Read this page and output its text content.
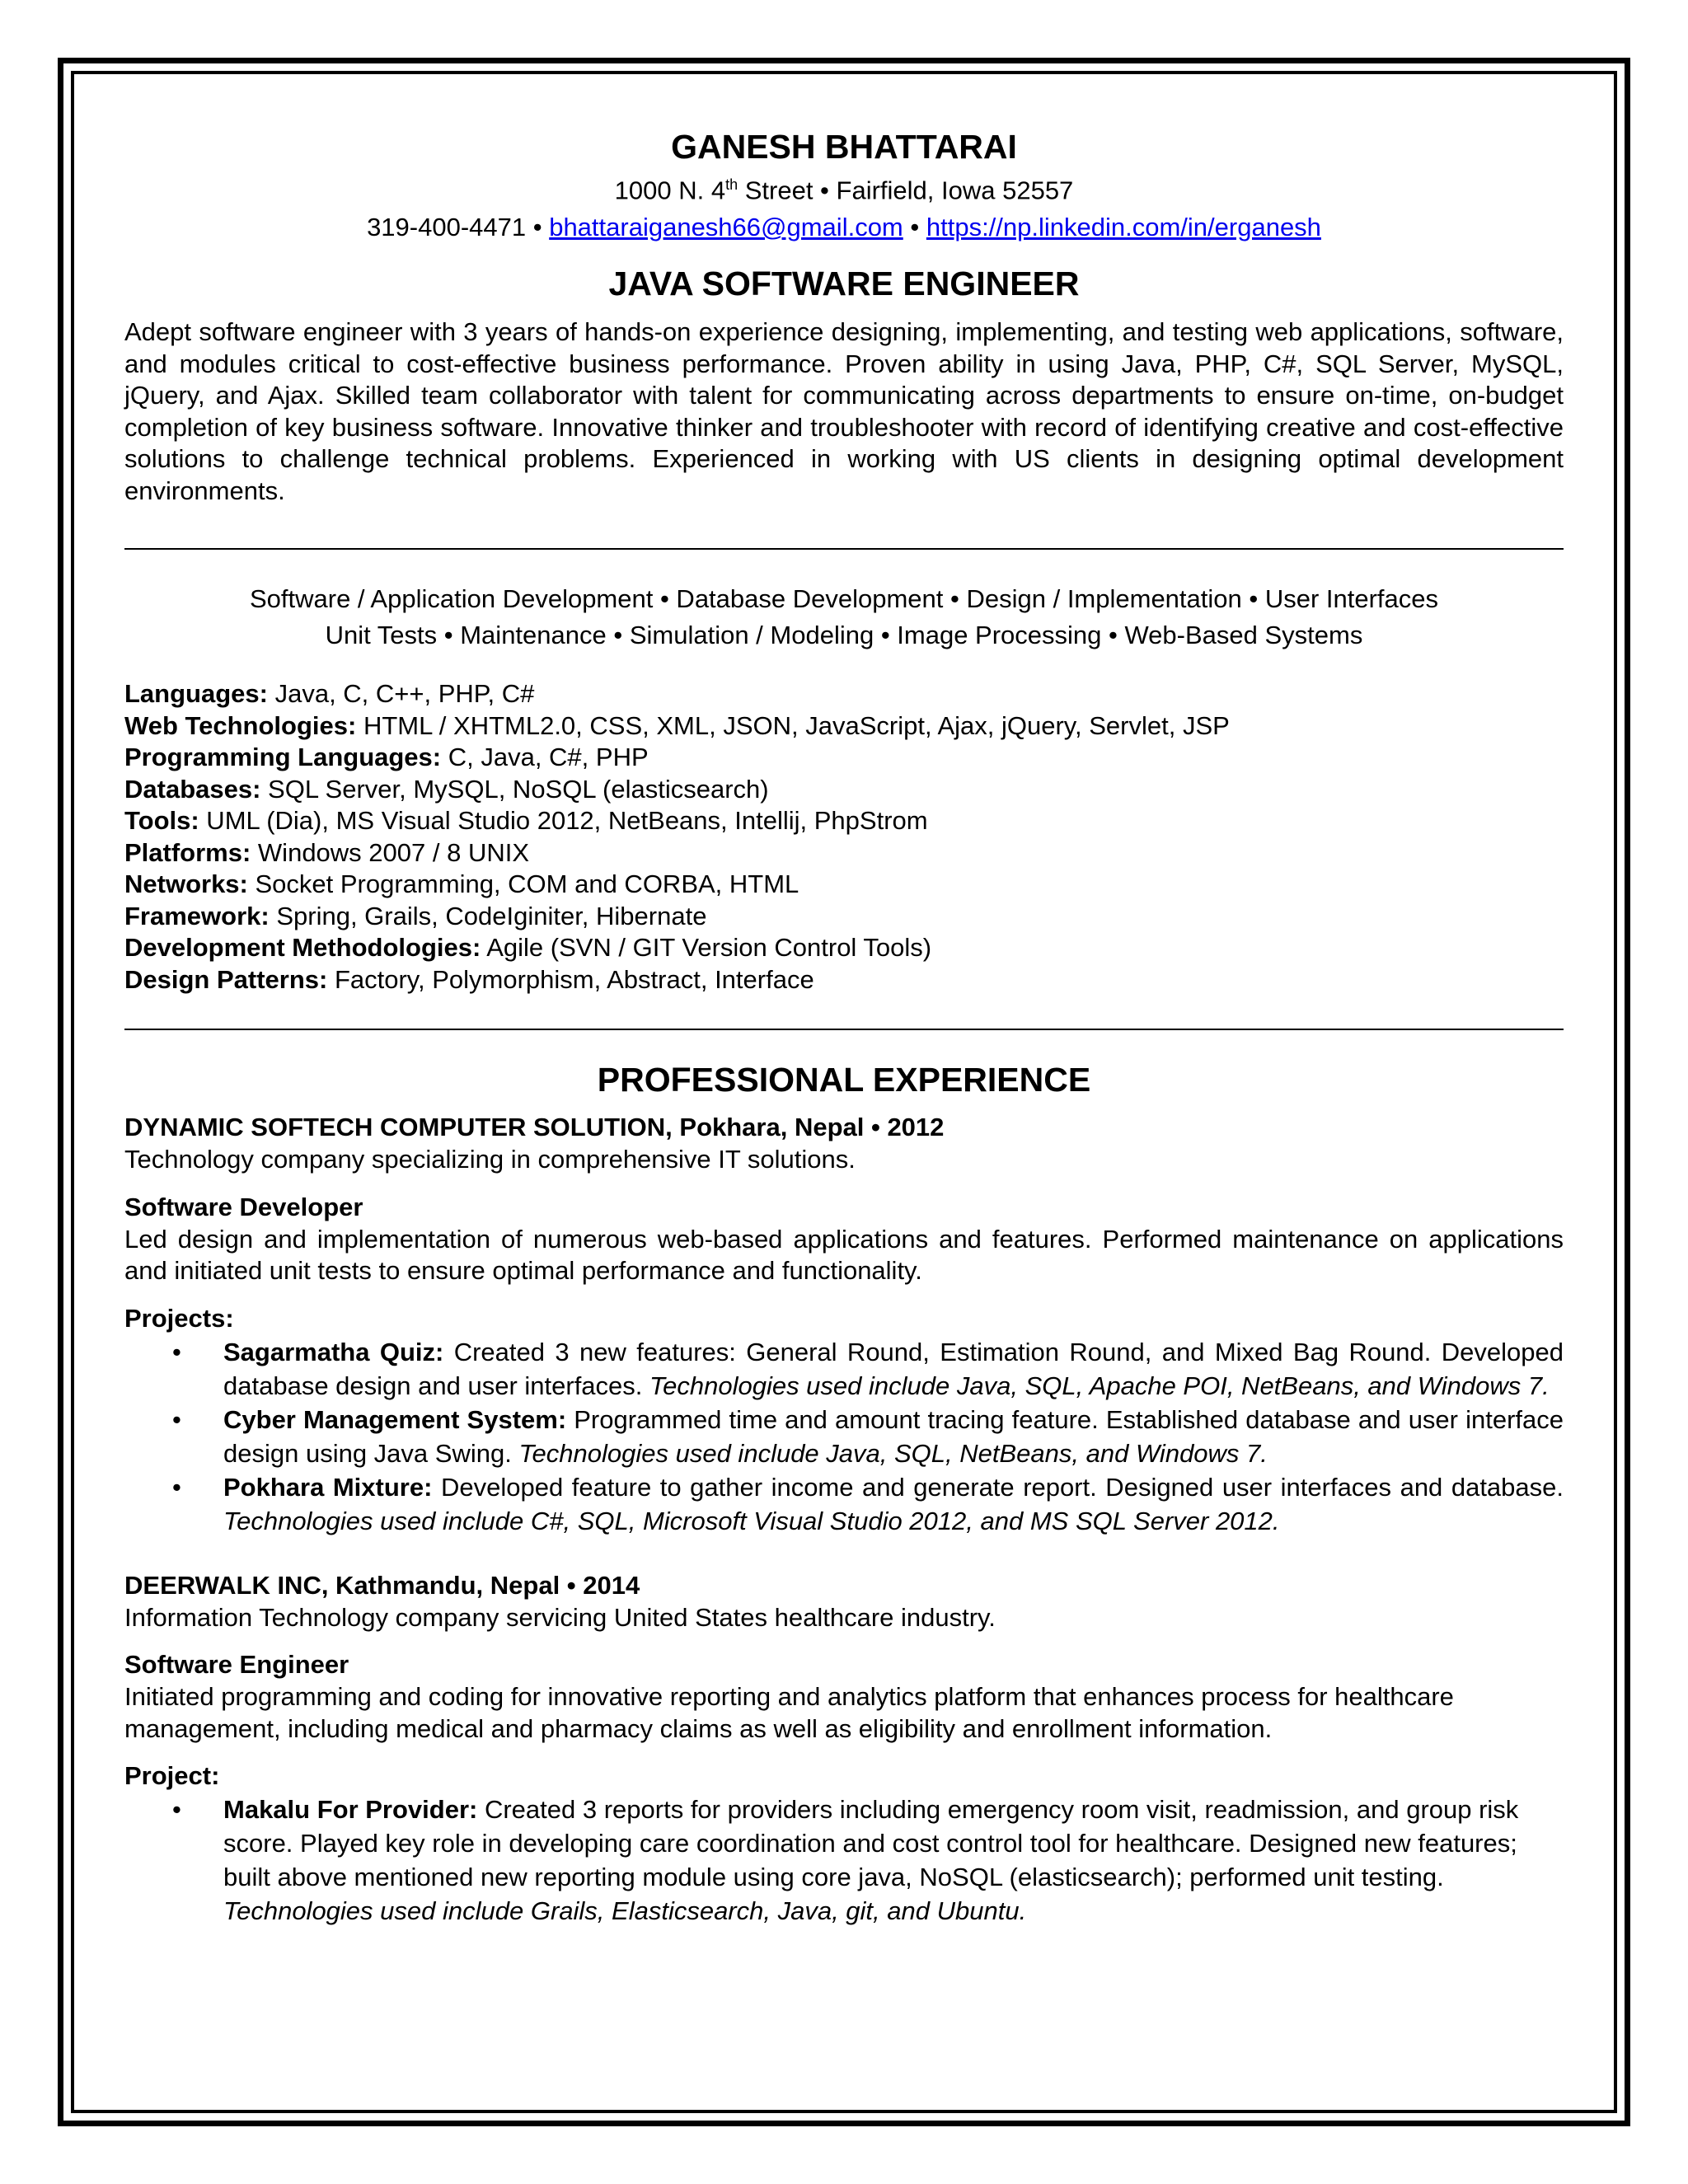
GANESH BHATTARAI
1000 N. 4th Street • Fairfield, Iowa 52557
319-400-4471 • bhattaraiganesh66@gmail.com • https://np.linkedin.com/in/erganesh
JAVA SOFTWARE ENGINEER
Adept software engineer with 3 years of hands-on experience designing, implementing, and testing web applications, software, and modules critical to cost-effective business performance. Proven ability in using Java, PHP, C#, SQL Server, MySQL, jQuery, and Ajax. Skilled team collaborator with talent for communicating across departments to ensure on-time, on-budget completion of key business software. Innovative thinker and troubleshooter with record of identifying creative and cost-effective solutions to challenge technical problems. Experienced in working with US clients in designing optimal development environments.
Software / Application Development • Database Development • Design / Implementation • User Interfaces
Unit Tests • Maintenance • Simulation / Modeling • Image Processing • Web-Based Systems
Languages: Java, C, C++, PHP, C#
Web Technologies: HTML / XHTML2.0, CSS, XML, JSON, JavaScript, Ajax, jQuery, Servlet, JSP
Programming Languages: C, Java, C#, PHP
Databases: SQL Server, MySQL, NoSQL (elasticsearch)
Tools: UML (Dia), MS Visual Studio 2012, NetBeans, Intellij, PhpStrom
Platforms: Windows 2007 / 8 UNIX
Networks: Socket Programming, COM and CORBA, HTML
Framework: Spring, Grails, CodeIginiter, Hibernate
Development Methodologies: Agile (SVN / GIT Version Control Tools)
Design Patterns: Factory, Polymorphism, Abstract, Interface
PROFESSIONAL EXPERIENCE
DYNAMIC SOFTECH COMPUTER SOLUTION, Pokhara, Nepal • 2012
Technology company specializing in comprehensive IT solutions.
Software Developer
Led design and implementation of numerous web-based applications and features. Performed maintenance on applications and initiated unit tests to ensure optimal performance and functionality.
Projects:
• Sagarmatha Quiz: Created 3 new features: General Round, Estimation Round, and Mixed Bag Round. Developed database design and user interfaces. Technologies used include Java, SQL, Apache POI, NetBeans, and Windows 7.
• Cyber Management System: Programmed time and amount tracing feature. Established database and user interface design using Java Swing. Technologies used include Java, SQL, NetBeans, and Windows 7.
• Pokhara Mixture: Developed feature to gather income and generate report. Designed user interfaces and database. Technologies used include C#, SQL, Microsoft Visual Studio 2012, and MS SQL Server 2012.
DEERWALK INC, Kathmandu, Nepal • 2014
Information Technology company servicing United States healthcare industry.
Software Engineer
Initiated programming and coding for innovative reporting and analytics platform that enhances process for healthcare management, including medical and pharmacy claims as well as eligibility and enrollment information.
Project:
• Makalu For Provider: Created 3 reports for providers including emergency room visit, readmission, and group risk score. Played key role in developing care coordination and cost control tool for healthcare. Designed new features; built above mentioned new reporting module using core java, NoSQL (elasticsearch); performed unit testing. Technologies used include Grails, Elasticsearch, Java, git, and Ubuntu.
